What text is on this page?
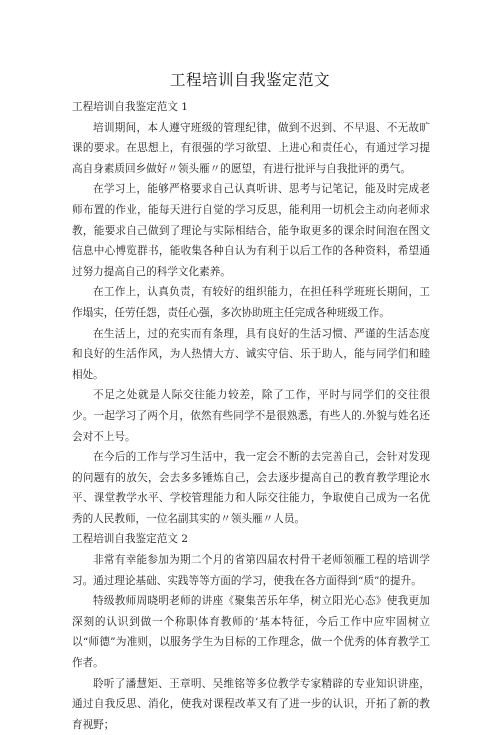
工程培训自我鉴定范文

工程培训自我鉴定范文 1

培训期间，本人遵守班级的管理纪律，做到不迟到、不早退、不无故旷课的要求。在思想上，有很强的学习欲望、上进心和责任心，有通过学习提高自身素质回乡做好〃领头雁〃的愿望，有进行批评与自我批评的勇气。

在学习上，能够严格要求自己认真听讲、思考与记笔记，能及时完成老师布置的作业，能每天进行自觉的学习反思，能利用一切机会主动向老师求教，能要求自己做到了理论与实际相结合，能争取更多的课余时间泡在图文信息中心博览群书，能收集各种自认为有利于以后工作的各种资料，希望通过努力提高自己的科学文化素养。

在工作上，认真负责，有较好的组织能力，在担任科学班班长期间，工作塌实，任劳任怨，责任心强，多次协助班主任完成各种班级工作。

在生活上，过的充实而有条理，具有良好的生活习惯、严谨的生活态度和良好的生活作风，为人热情大方、诚实守信、乐于助人，能与同学们和睦相处。

不足之处就是人际交往能力较差，除了工作，平时与同学们的交往很少。一起学习了两个月，依然有些同学不是很熟悉，有些人的.外貌与姓名还会对不上号。

在今后的工作与学习生活中，我一定会不断的去完善自己，会针对发现的问题有的放矢，会去多多锤炼自己，会去逐步提高自己的教育教学理论水平、课堂教学水平、学校管理能力和人际交往能力，争取使自己成为一名优秀的人民教师，一位名副其实的〃领头雁〃人员。

工程培训自我鉴定范文 2

非常有幸能参加为期二个月的省第四届农村骨干老师领雁工程的培训学习。通过理论基础、实践等等方面的学习，使我在各方面得到“质”的提升。

特级教师周晓明老师的讲座《聚集苦乐年华，树立阳光心态》使我更加深刻的认识到做一个称职体育教师的‘基本特征，今后工作中应牢固树立以“师德”为准则，以服务学生为目标的工作理念，做一个优秀的体育教学工作者。

聆听了潘慧矩、王章明、吴维铭等多位教学专家精辟的专业知识讲座，通过自我反思、消化，使我对课程改革又有了进一步的认识，开拓了新的教育视野；
